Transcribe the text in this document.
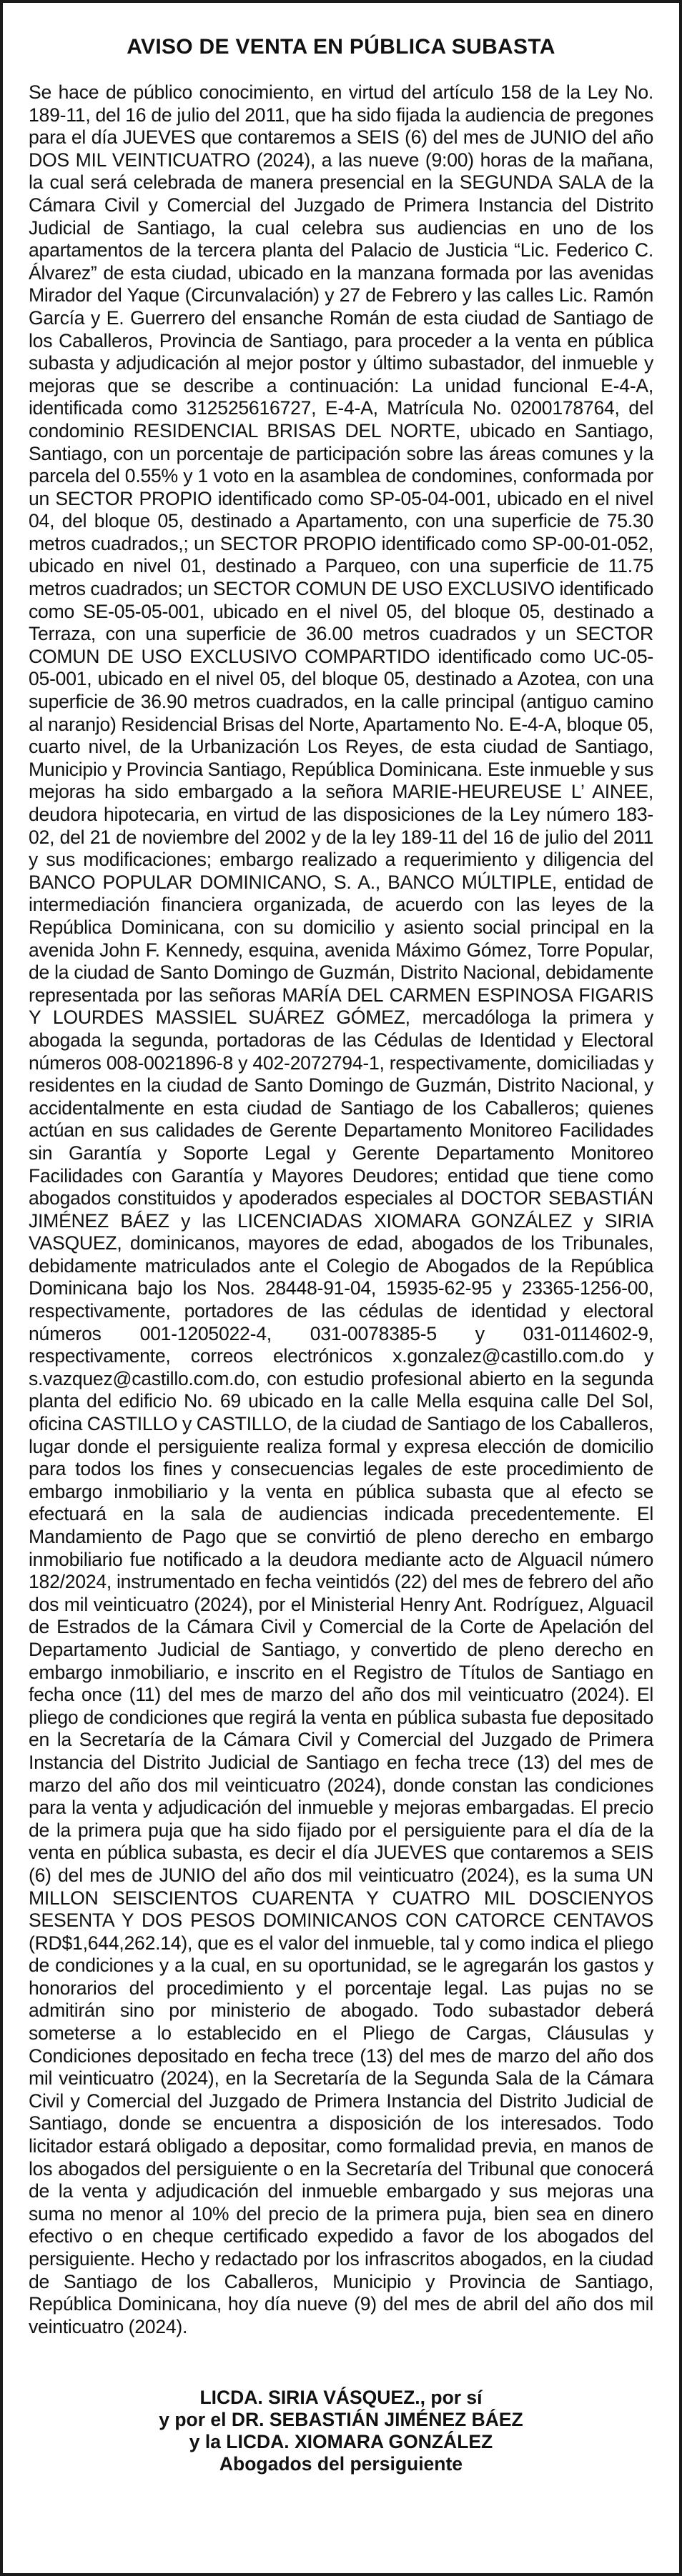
AVISO DE VENTA EN PÚBLICA SUBASTA

Se hace de público conocimiento, en virtud del artículo 158 de la Ley No. 189-11, del 16 de julio del 2011, que ha sido fijada la audiencia de pregones para el día JUEVES que contaremos a SEIS (6) del mes de JUNIO del año DOS MIL VEINTICUATRO (2024), a las nueve (9:00) horas de la mañana, la cual será celebrada de manera presencial en la SEGUNDA SALA de la Cámara Civil y Comercial del Juzgado de Primera Instancia del Distrito Judicial de Santiago, la cual celebra sus audiencias en uno de los apartamentos de la tercera planta del Palacio de Justicia “Lic. Federico C. Álvarez” de esta ciudad, ubicado en la manzana formada por las avenidas Mirador del Yaque (Circunvalación) y 27 de Febrero y las calles Lic. Ramón García y E. Guerrero del ensanche Román de esta ciudad de Santiago de los Caballeros, Provincia de Santiago, para proceder a la venta en pública subasta y adjudicación al mejor postor y último subastador, del inmueble y mejoras que se describe a continuación: La unidad funcional E-4-A, identificada como 312525616727, E-4-A, Matrícula No. 0200178764, del condominio RESIDENCIAL BRISAS DEL NORTE, ubicado en Santiago, Santiago, con un porcentaje de participación sobre las áreas comunes y la parcela del 0.55% y 1 voto en la asamblea de condomines, conformada por un SECTOR PROPIO identificado como SP-05-04-001, ubicado en el nivel 04, del bloque 05, destinado a Apartamento, con una superficie de 75.30 metros cuadrados,; un SECTOR PROPIO identificado como SP-00-01-052, ubicado en nivel 01, destinado a Parqueo, con una superficie de 11.75 metros cuadrados; un SECTOR COMUN DE USO EXCLUSIVO identificado como SE-05-05-001, ubicado en el nivel 05, del bloque 05, destinado a Terraza, con una superficie de 36.00 metros cuadrados y un SECTOR COMUN DE USO EXCLUSIVO COMPARTIDO identificado como UC-05-05-001, ubicado en el nivel 05, del bloque 05, destinado a Azotea, con una superficie de 36.90 metros cuadrados, en la calle principal (antiguo camino al naranjo) Residencial Brisas del Norte, Apartamento No. E-4-A, bloque 05, cuarto nivel, de la Urbanización Los Reyes, de esta ciudad de Santiago, Municipio y Provincia Santiago, República Dominicana. Este inmueble y sus mejoras ha sido embargado a la señora MARIE-HEUREUSE L’ AINEE, deudora hipotecaria, en virtud de las disposiciones de la Ley número 183-02, del 21 de noviembre del 2002 y de la ley 189-11 del 16 de julio del 2011 y sus modificaciones; embargo realizado a requerimiento y diligencia del BANCO POPULAR DOMINICANO, S. A., BANCO MÚLTIPLE, entidad de intermediación financiera organizada, de acuerdo con las leyes de la República Dominicana, con su domicilio y asiento social principal en la avenida John F. Kennedy, esquina, avenida Máximo Gómez, Torre Popular, de la ciudad de Santo Domingo de Guzmán, Distrito Nacional, debidamente representada por las señoras MARÍA DEL CARMEN ESPINOSA FIGARIS Y LOURDES MASSIEL SUÁREZ GÓMEZ, mercadóloga la primera y abogada la segunda, portadoras de las Cédulas de Identidad y Electoral números 008-0021896-8 y 402-2072794-1, respectivamente, domiciliadas y residentes en la ciudad de Santo Domingo de Guzmán, Distrito Nacional, y accidentalmente en esta ciudad de Santiago de los Caballeros; quienes actúan en sus calidades de Gerente Departamento Monitoreo Facilidades sin Garantía y Soporte Legal y Gerente Departamento Monitoreo Facilidades con Garantía y Mayores Deudores; entidad que tiene como abogados constituidos y apoderados especiales al DOCTOR SEBASTIÁN JIMÉNEZ BÁEZ y las LICENCIADAS XIOMARA GONZÁLEZ y SIRIA VASQUEZ, dominicanos, mayores de edad, abogados de los Tribunales, debidamente matriculados ante el Colegio de Abogados de la República Dominicana bajo los Nos. 28448-91-04, 15935-62-95 y 23365-1256-00, respectivamente, portadores de las cédulas de identidad y electoral números 001-1205022-4, 031-0078385-5 y 031-0114602-9, respectivamente, correos electrónicos x.gonzalez@castillo.com.do y s.vazquez@castillo.com.do, con estudio profesional abierto en la segunda planta del edificio No. 69 ubicado en la calle Mella esquina calle Del Sol, oficina CASTILLO y CASTILLO, de la ciudad de Santiago de los Caballeros, lugar donde el persiguiente realiza formal y expresa elección de domicilio para todos los fines y consecuencias legales de este procedimiento de embargo inmobiliario y la venta en pública subasta que al efecto se efectuará en la sala de audiencias indicada precedentemente. El Mandamiento de Pago que se convirtió de pleno derecho en embargo inmobiliario fue notificado a la deudora mediante acto de Alguacil número 182/2024, instrumentado en fecha veintidós (22) del mes de febrero del año dos mil veinticuatro (2024), por el Ministerial Henry Ant. Rodríguez, Alguacil de Estrados de la Cámara Civil y Comercial de la Corte de Apelación del Departamento Judicial de Santiago, y convertido de pleno derecho en embargo inmobiliario, e inscrito en el Registro de Títulos de Santiago en fecha once (11) del mes de marzo del año dos mil veinticuatro (2024). El pliego de condiciones que regirá la venta en pública subasta fue depositado en la Secretaría de la Cámara Civil y Comercial del Juzgado de Primera Instancia del Distrito Judicial de Santiago en fecha trece (13) del mes de marzo del año dos mil veinticuatro (2024), donde constan las condiciones para la venta y adjudicación del inmueble y mejoras embargadas. El precio de la primera puja que ha sido fijado por el persiguiente para el día de la venta en pública subasta, es decir el día JUEVES que contaremos a SEIS (6) del mes de JUNIO del año dos mil veinticuatro (2024), es la suma UN MILLON SEISCIENTOS CUARENTA Y CUATRO MIL DOSCIENYOS SESENTA Y DOS PESOS DOMINICANOS CON CATORCE CENTAVOS (RD$1,644,262.14), que es el valor del inmueble, tal y como indica el pliego de condiciones y a la cual, en su oportunidad, se le agregarán los gastos y honorarios del procedimiento y el porcentaje legal. Las pujas no se admitirán sino por ministerio de abogado. Todo subastador deberá someterse a lo establecido en el Pliego de Cargas, Cláusulas y Condiciones depositado en fecha trece (13) del mes de marzo del año dos mil veinticuatro (2024), en la Secretaría de la Segunda Sala de la Cámara Civil y Comercial del Juzgado de Primera Instancia del Distrito Judicial de Santiago, donde se encuentra a disposición de los interesados. Todo licitador estará obligado a depositar, como formalidad previa, en manos de los abogados del persiguiente o en la Secretaría del Tribunal que conocerá de la venta y adjudicación del inmueble embargado y sus mejoras una suma no menor al 10% del precio de la primera puja, bien sea en dinero efectivo o en cheque certificado expedido a favor de los abogados del persiguiente. Hecho y redactado por los infrascritos abogados, en la ciudad de Santiago de los Caballeros, Municipio y Provincia de Santiago, República Dominicana, hoy día nueve (9) del mes de abril del año dos mil veinticuatro (2024).

LICDA. SIRIA VÁSQUEZ., por sí
y por el DR. SEBASTIÁN JIMÉNEZ BÁEZ
y la LICDA. XIOMARA GONZÁLEZ
Abogados del persiguiente
